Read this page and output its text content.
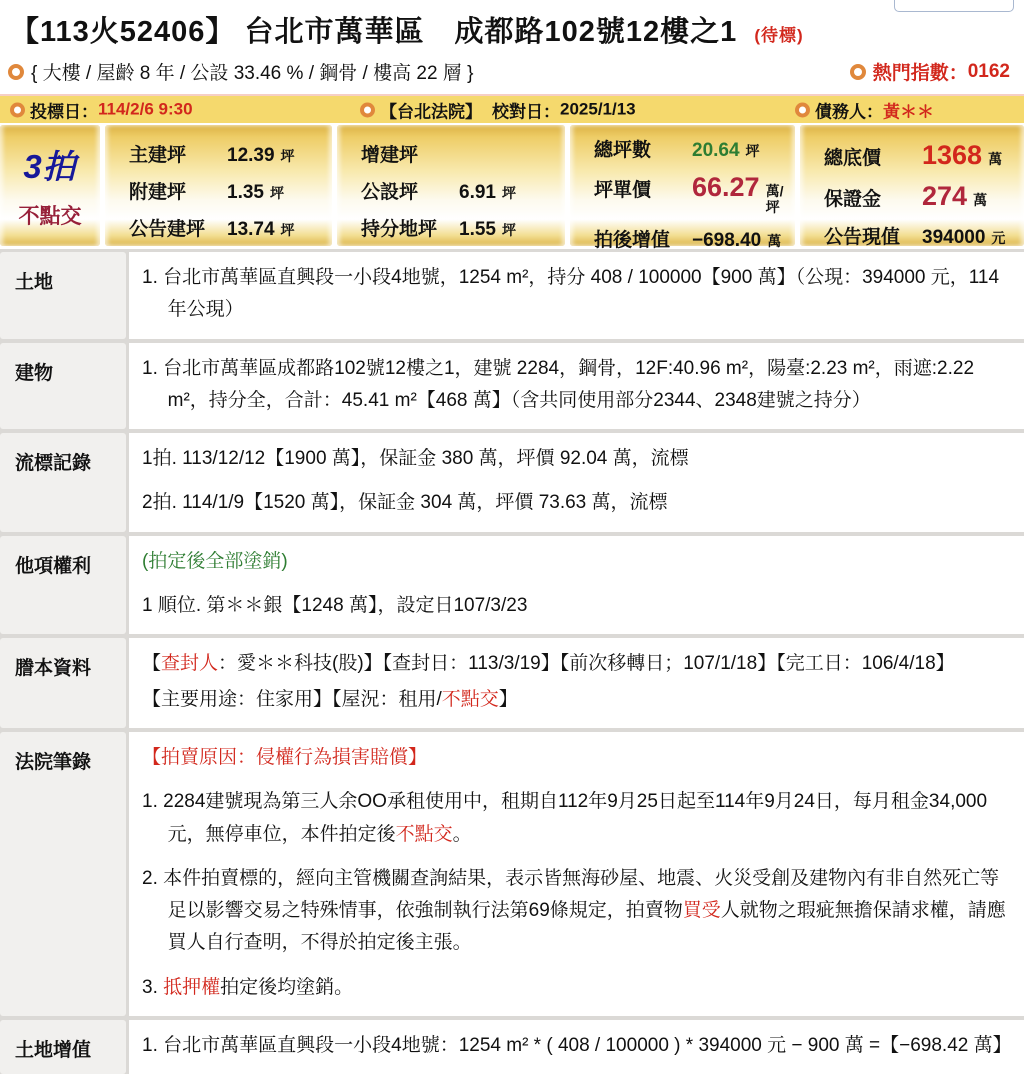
【113火52406】 台北市萬華區　成都路102號12樓之1 (待標)
{ 大樓 / 屋齡 8 年 / 公設 33.46 % / 鋼骨 / 樓高 22 層 }	熱門指數： 0162
投標日： 114/2/6 9:30	【台北法院】 校對日： 2025/1/13	債務人： 黃＊＊
3拍
不點交
主建坪	12.39 坪
附建坪	1.35 坪
公告建坪	13.74 坪
增建坪
公設坪	6.91 坪
持分地坪	1.55 坪
總坪數	20.64 坪
坪單價	66.27 萬/坪
拍後增值	−698.40 萬
總底價	1368 萬
保證金	274 萬
公告現值	394000 元
土地	1. 台北市萬華區直興段一小段4地號，1254 m²，持分 408 / 100000【900 萬】（公現：394000 元，114年公現）
建物	1. 台北市萬華區成都路102號12樓之1，建號 2284，鋼骨，12F:40.96 m²，陽臺:2.23 m²，雨遮:2.22 m²，持分全，合計：45.41 m²【468 萬】（含共同使用部分2344、2348建號之持分）
流標記錄	1拍. 113/12/12【1900 萬】，保証金 380 萬，坪價 92.04 萬，流標
2拍. 114/1/9【1520 萬】，保証金 304 萬，坪價 73.63 萬，流標
他項權利	(拍定後全部塗銷)
1 順位. 第＊＊銀【1248 萬】，設定日107/3/23
謄本資料	【查封人：愛＊＊科技(股)】【查封日：113/3/19】【前次移轉日；107/1/18】【完工日：106/4/18】
【主要用途：住家用】【屋況：租用/不點交】
法院筆錄	【拍賣原因：侵權行為損害賠償】
1. 2284建號現為第三人余OO承租使用中，租期自112年9月25日起至114年9月24日，每月租金34,000元，無停車位，本件拍定後不點交。
2. 本件拍賣標的，經向主管機關查詢結果，表示皆無海砂屋、地震、火災受創及建物內有非自然死亡等足以影響交易之特殊情事，依強制執行法第69條規定，拍賣物買受人就物之瑕疵無擔保請求權，請應買人自行查明，不得於拍定後主張。
3. 抵押權拍定後均塗銷。
土地增值	1. 台北市萬華區直興段一小段4地號：1254 m² * ( 408 / 100000 ) * 394000 元 − 900 萬 =【−698.42 萬】
